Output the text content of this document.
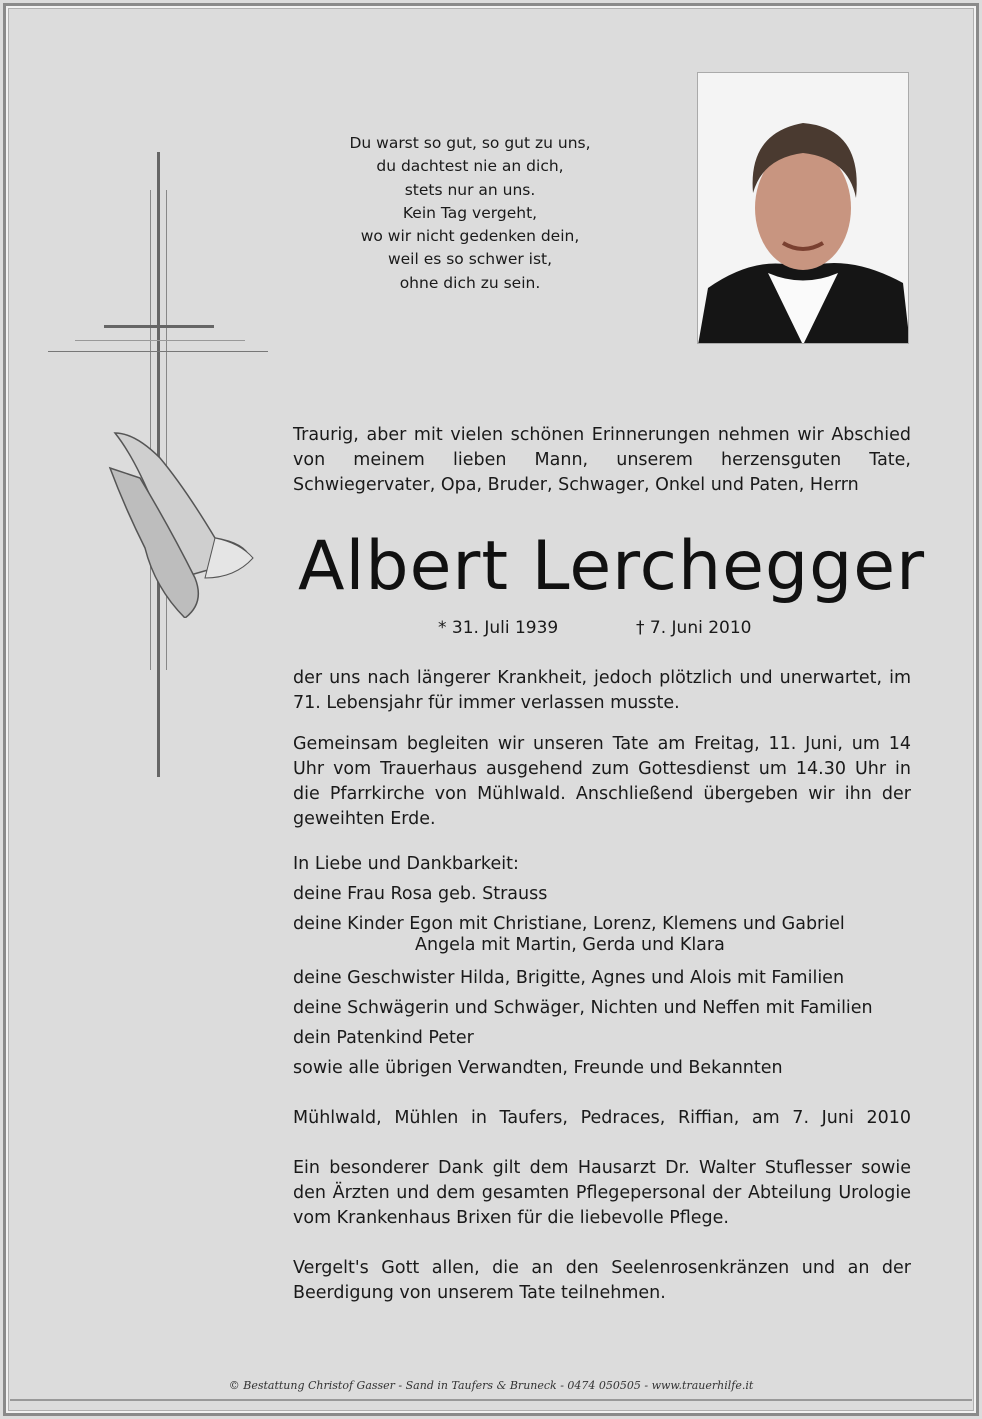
Du warst so gut, so gut zu uns,
du dachtest nie an dich,
stets nur an uns.
Kein Tag vergeht,
wo wir nicht gedenken dein,
weil es so schwer ist,
ohne dich zu sein.
Traurig, aber mit vielen schönen Erinnerungen nehmen wir Abschied von meinem lieben Mann, unserem herzensguten Tate, Schwiegervater, Opa, Bruder, Schwager, Onkel und Paten, Herrn
Albert Lerchegger
* 31. Juli 1939	† 7. Juni 2010
der uns nach längerer Krankheit, jedoch plötzlich und unerwartet, im 71. Lebensjahr für immer verlassen musste.
Gemeinsam begleiten wir unseren Tate am Freitag, 11. Juni, um 14 Uhr vom Trauerhaus ausgehend zum Gottesdienst um 14.30 Uhr in die Pfarrkirche von Mühlwald. Anschließend übergeben wir ihn der geweihten Erde.
In Liebe und Dankbarkeit:
deine Frau Rosa geb. Strauss
deine Kinder Egon mit Christiane, Lorenz, Klemens und Gabriel
Angela mit Martin, Gerda und Klara
deine Geschwister Hilda, Brigitte, Agnes und Alois mit Familien
deine Schwägerin und Schwäger, Nichten und Neffen mit Familien
dein Patenkind Peter
sowie alle übrigen Verwandten, Freunde und Bekannten
Mühlwald, Mühlen in Taufers, Pedraces, Riffian, am 7. Juni 2010
Ein besonderer Dank gilt dem Hausarzt Dr. Walter Stuflesser sowie den Ärzten und dem gesamten Pflegepersonal der Abteilung Urologie vom Krankenhaus Brixen für die liebevolle Pflege.
Vergelt's Gott allen, die an den Seelenrosenkränzen und an der Beerdigung von unserem Tate teilnehmen.
© Bestattung Christof Gasser - Sand in Taufers & Bruneck - 0474 050505 - www.trauerhilfe.it
